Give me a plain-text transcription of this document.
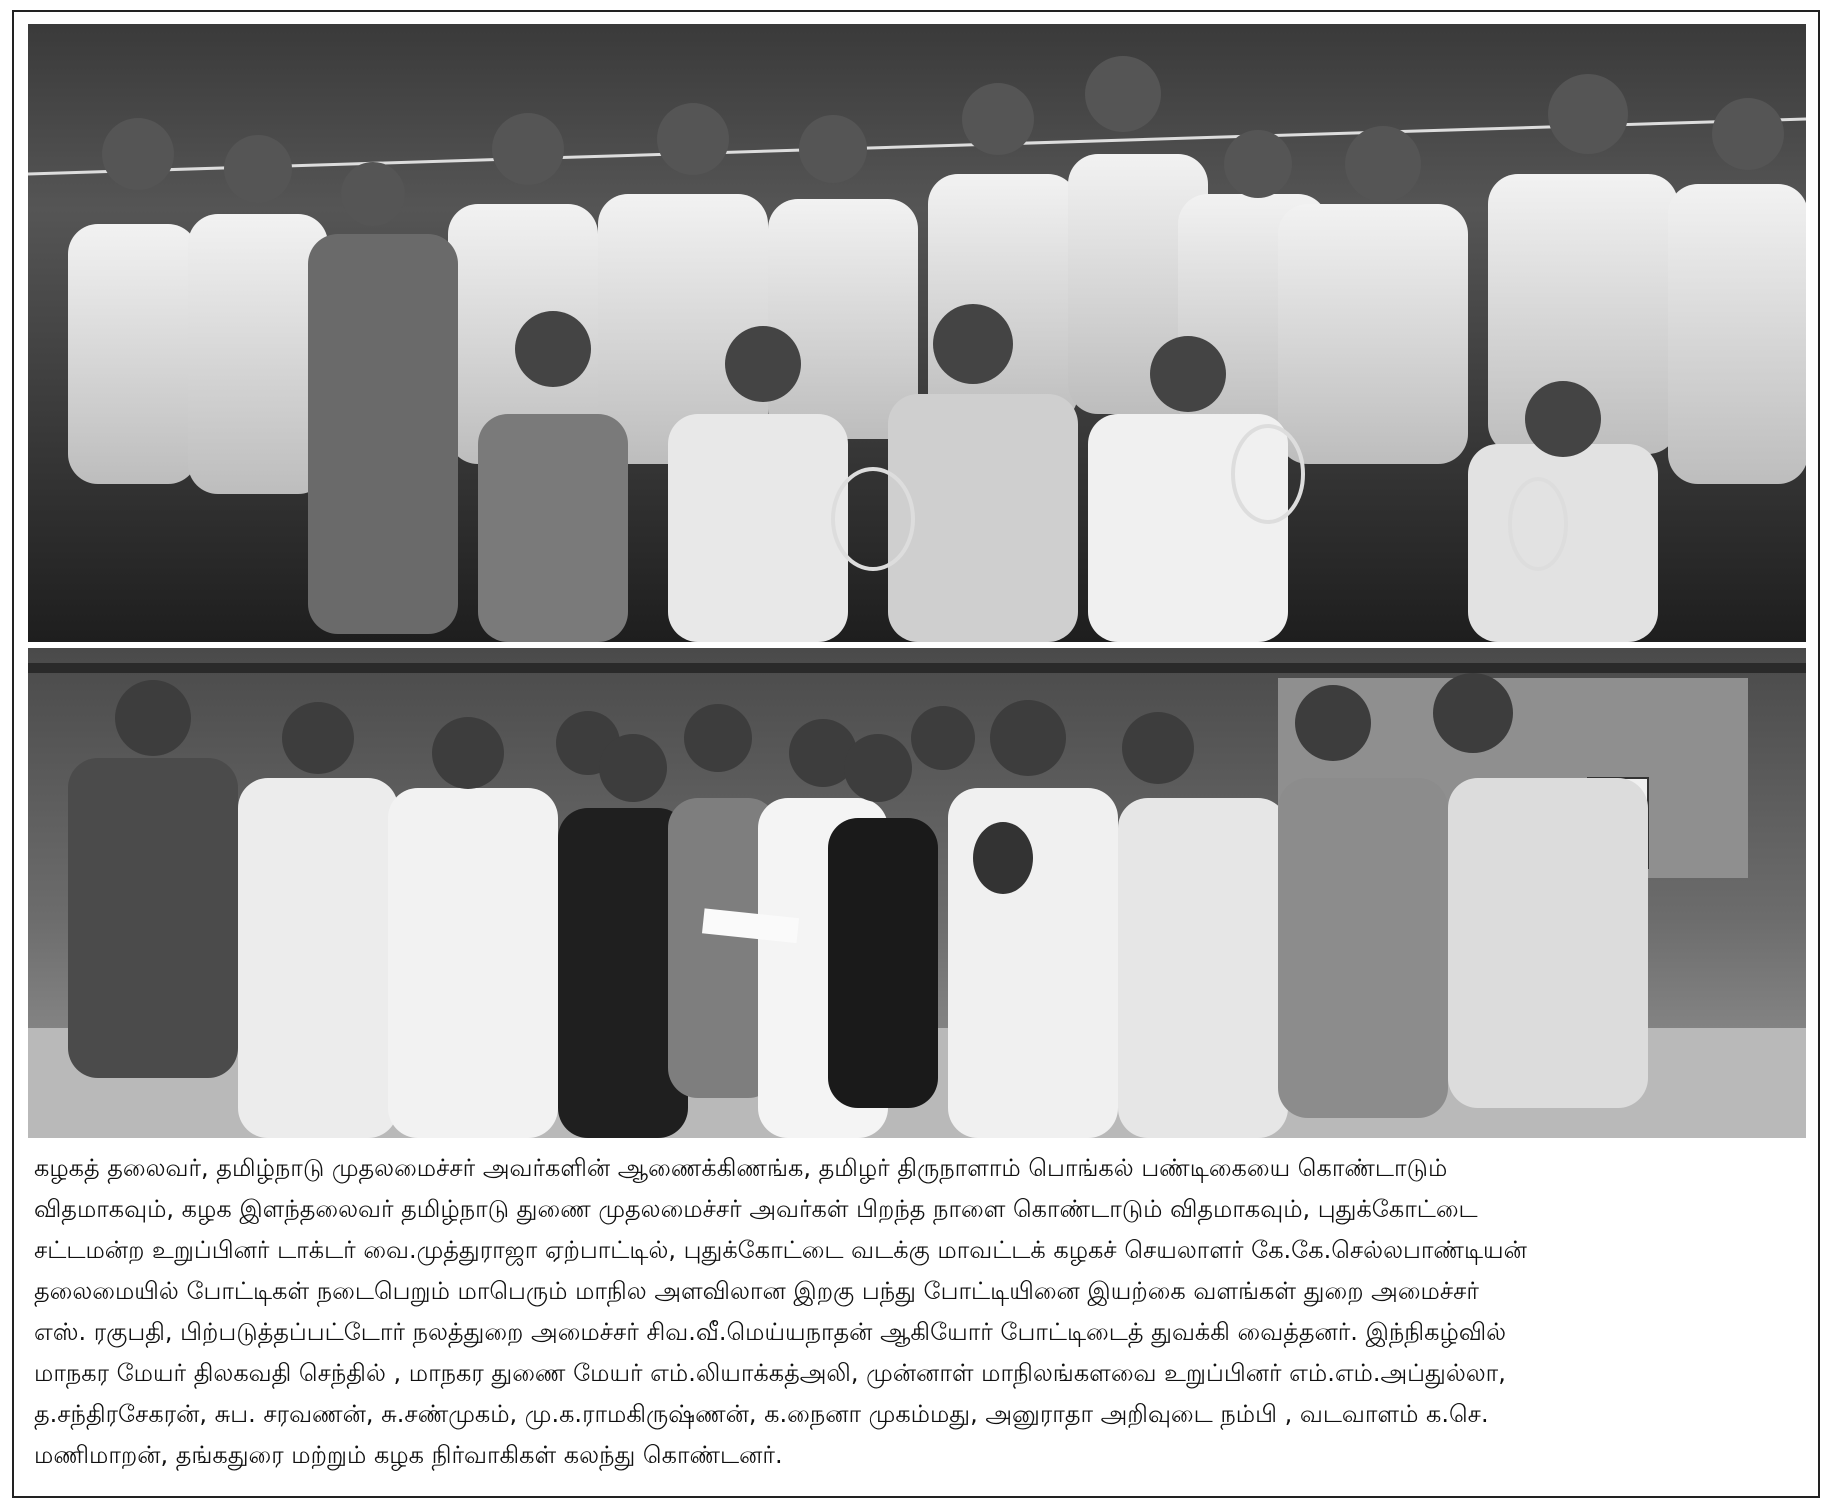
கழகத் தலைவர், தமிழ்நாடு முதலமைச்சர் அவர்களின் ஆணைக்கிணங்க, தமிழர் திருநாளாம் பொங்கல் பண்டிகையை கொண்டாடும்
விதமாகவும், கழக இளந்தலைவர் தமிழ்நாடு துணை முதலமைச்சர் அவர்கள் பிறந்த நாளை கொண்டாடும் விதமாகவும், புதுக்கோட்டை
சட்டமன்ற உறுப்பினர் டாக்டர் வை.முத்துராஜா ஏற்பாட்டில், புதுக்கோட்டை வடக்கு மாவட்டக் கழகச் செயலாளர் கே.கே.செல்லபாண்டியன்
தலைமையில் போட்டிகள் நடைபெறும் மாபெரும் மாநில அளவிலான இறகு பந்து போட்டியினை இயற்கை வளங்கள் துறை அமைச்சர்
எஸ். ரகுபதி, பிற்படுத்தப்பட்டோர் நலத்துறை அமைச்சர் சிவ.வீ.மெய்யநாதன் ஆகியோர் போட்டிடைத் துவக்கி வைத்தனர். இந்நிகழ்வில்
மாநகர மேயர் திலகவதி செந்தில் , மாநகர துணை மேயர் எம்.லியாக்கத்அலி, முன்னாள் மாநிலங்களவை உறுப்பினர் எம்.எம்.அப்துல்லா,
த.சந்திரசேகரன், சுப. சரவணன், சு.சண்முகம், மு.க.ராமகிருஷ்ணன், க.நைனா முகம்மது, அனுராதா அறிவுடை நம்பி , வடவாளம் க.செ.
மணிமாறன், தங்கதுரை மற்றும் கழக நிர்வாகிகள் கலந்து கொண்டனர்.
